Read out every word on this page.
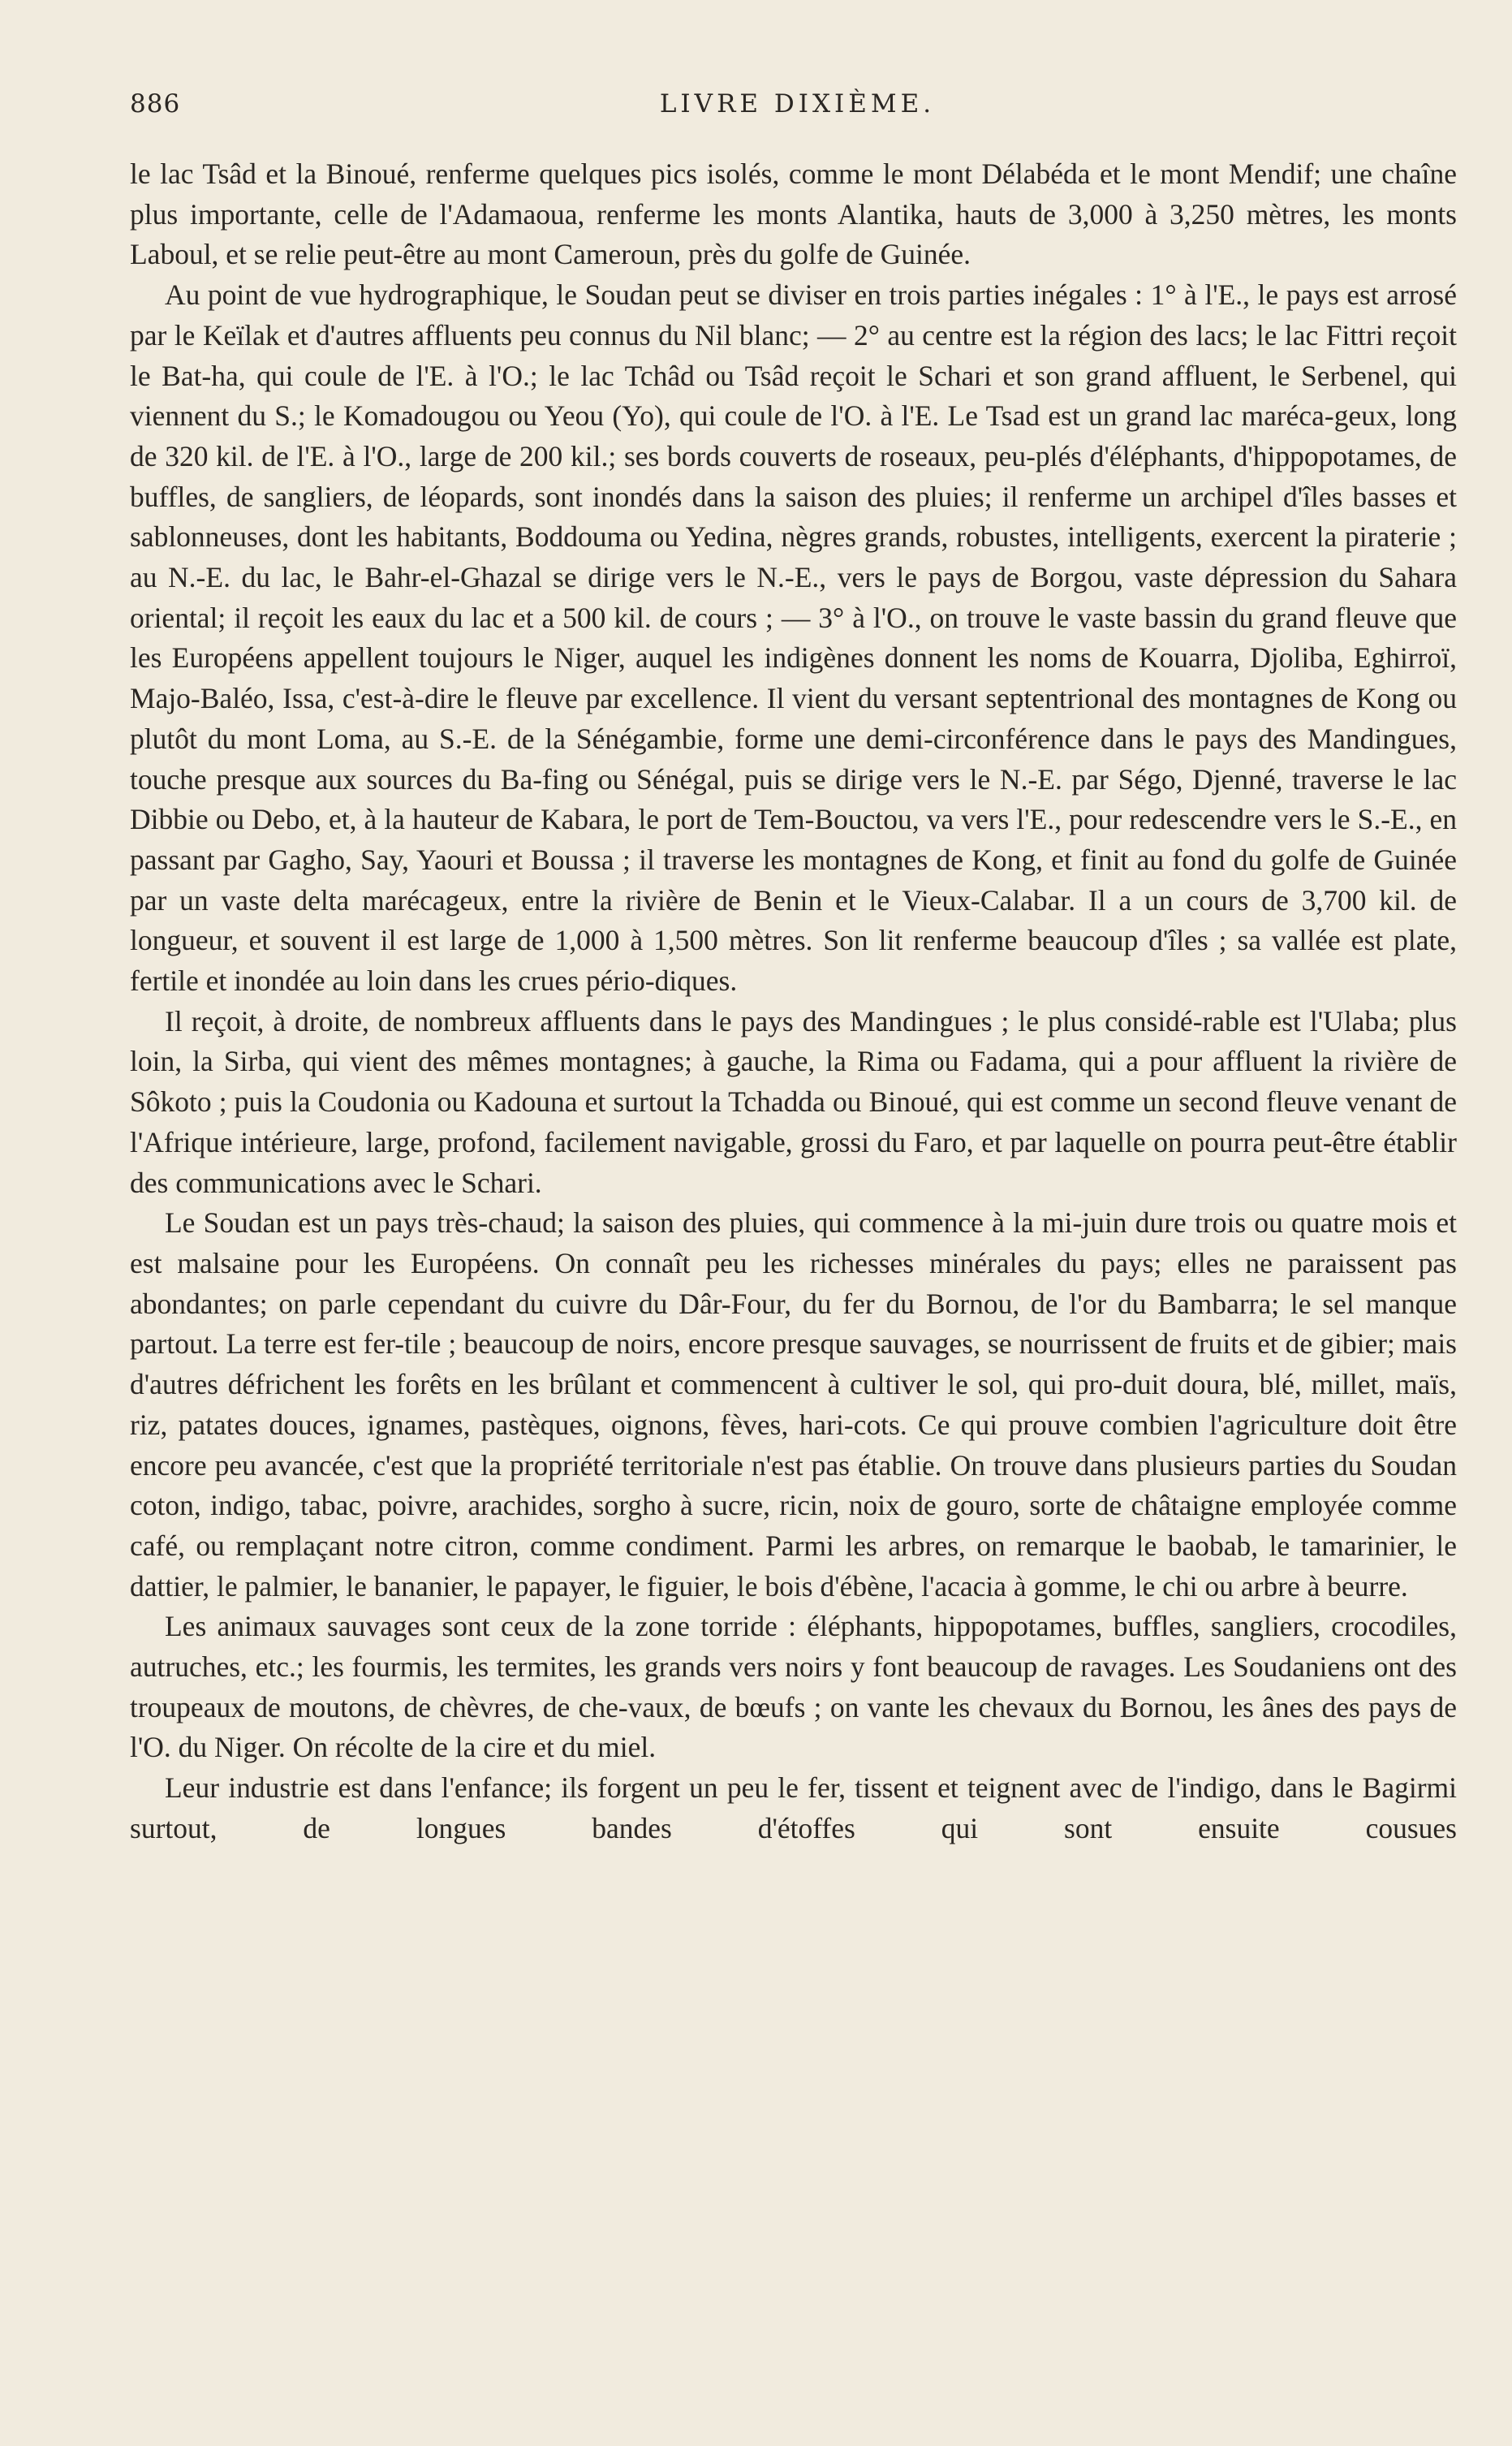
886	LIVRE DIXIÈME.

le lac Tsâd et la Binoué, renferme quelques pics isolés, comme le mont Délabéda et le mont Mendif; une chaîne plus importante, celle de l'Adamaoua, renferme les monts Alantika, hauts de 3,000 à 3,250 mètres, les monts Laboul, et se relie peut-être au mont Cameroun, près du golfe de Guinée.

Au point de vue hydrographique, le Soudan peut se diviser en trois parties inégales : 1° à l'E., le pays est arrosé par le Keïlak et d'autres affluents peu connus du Nil blanc; — 2° au centre est la région des lacs; le lac Fittri reçoit le Bat-ha, qui coule de l'E. à l'O.; le lac Tchâd ou Tsâd reçoit le Schari et son grand affluent, le Serbenel, qui viennent du S.; le Komadougou ou Yeou (Yo), qui coule de l'O. à l'E. Le Tsad est un grand lac maréca-geux, long de 320 kil. de l'E. à l'O., large de 200 kil.; ses bords couverts de roseaux, peu-plés d'éléphants, d'hippopotames, de buffles, de sangliers, de léopards, sont inondés dans la saison des pluies; il renferme un archipel d'îles basses et sablonneuses, dont les habitants, Boddouma ou Yedina, nègres grands, robustes, intelligents, exercent la piraterie ; au N.-E. du lac, le Bahr-el-Ghazal se dirige vers le N.-E., vers le pays de Borgou, vaste dépression du Sahara oriental; il reçoit les eaux du lac et a 500 kil. de cours ; — 3° à l'O., on trouve le vaste bassin du grand fleuve que les Européens appellent toujours le Niger, auquel les indigènes donnent les noms de Kouarra, Djoliba, Eghirroï, Majo-Baléo, Issa, c'est-à-dire le fleuve par excellence. Il vient du versant septentrional des montagnes de Kong ou plutôt du mont Loma, au S.-E. de la Sénégambie, forme une demi-circonférence dans le pays des Mandingues, touche presque aux sources du Ba-fing ou Sénégal, puis se dirige vers le N.-E. par Ségo, Djenné, traverse le lac Dibbie ou Debo, et, à la hauteur de Kabara, le port de Tem-Bouctou, va vers l'E., pour redescendre vers le S.-E., en passant par Gagho, Say, Yaouri et Boussa ; il traverse les montagnes de Kong, et finit au fond du golfe de Guinée par un vaste delta marécageux, entre la rivière de Benin et le Vieux-Calabar. Il a un cours de 3,700 kil. de longueur, et souvent il est large de 1,000 à 1,500 mètres. Son lit renferme beaucoup d'îles ; sa vallée est plate, fertile et inondée au loin dans les crues pério-diques.

Il reçoit, à droite, de nombreux affluents dans le pays des Mandingues ; le plus considé-rable est l'Ulaba; plus loin, la Sirba, qui vient des mêmes montagnes; à gauche, la Rima ou Fadama, qui a pour affluent la rivière de Sôkoto ; puis la Coudonia ou Kadouna et surtout la Tchadda ou Binoué, qui est comme un second fleuve venant de l'Afrique intérieure, large, profond, facilement navigable, grossi du Faro, et par laquelle on pourra peut-être établir des communications avec le Schari.

Le Soudan est un pays très-chaud; la saison des pluies, qui commence à la mi-juin dure trois ou quatre mois et est malsaine pour les Européens. On connaît peu les richesses minérales du pays; elles ne paraissent pas abondantes; on parle cependant du cuivre du Dâr-Four, du fer du Bornou, de l'or du Bambarra; le sel manque partout. La terre est fer-tile ; beaucoup de noirs, encore presque sauvages, se nourrissent de fruits et de gibier; mais d'autres défrichent les forêts en les brûlant et commencent à cultiver le sol, qui pro-duit doura, blé, millet, maïs, riz, patates douces, ignames, pastèques, oignons, fèves, hari-cots. Ce qui prouve combien l'agriculture doit être encore peu avancée, c'est que la propriété territoriale n'est pas établie. On trouve dans plusieurs parties du Soudan coton, indigo, tabac, poivre, arachides, sorgho à sucre, ricin, noix de gouro, sorte de châtaigne employée comme café, ou remplaçant notre citron, comme condiment. Parmi les arbres, on remarque le baobab, le tamarinier, le dattier, le palmier, le bananier, le papayer, le figuier, le bois d'ébène, l'acacia à gomme, le chi ou arbre à beurre.

Les animaux sauvages sont ceux de la zone torride : éléphants, hippopotames, buffles, sangliers, crocodiles, autruches, etc.; les fourmis, les termites, les grands vers noirs y font beaucoup de ravages. Les Soudaniens ont des troupeaux de moutons, de chèvres, de che-vaux, de bœufs ; on vante les chevaux du Bornou, les ânes des pays de l'O. du Niger. On récolte de la cire et du miel.

Leur industrie est dans l'enfance; ils forgent un peu le fer, tissent et teignent avec de l'indigo, dans le Bagirmi surtout, de longues bandes d'étoffes qui sont ensuite cousues
